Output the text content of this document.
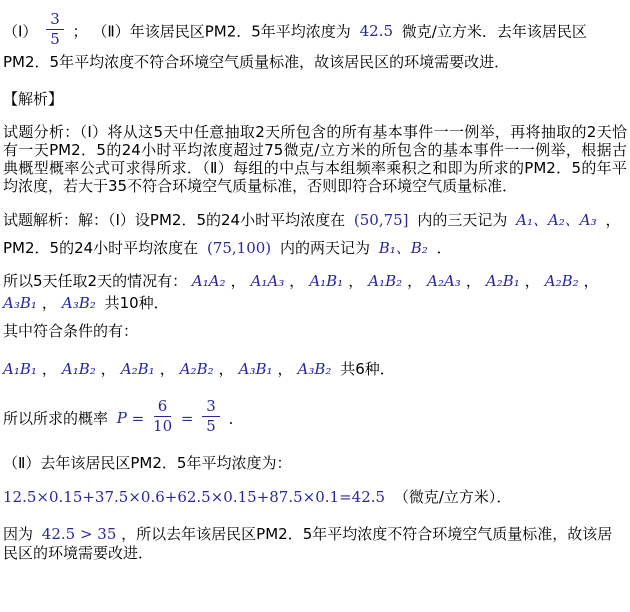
（Ⅰ） $\frac{3}{5}$ ； （Ⅱ）年该居民区PM2．5年平均浓度为 42.5 微克/立方米．去年该居民区PM2．5年平均浓度不符合环境空气质量标准，故该居民区的环境需要改进．

【解析】

试题分析：（Ⅰ）将从这5天中任意抽取2天所包含的所有基本事件一一例举，再将抽取的2天恰有一天PM2．5的24小时平均浓度超过75微克/立方米的所包含的基本事件一一例举，根据古典概型概率公式可求得所求．（Ⅱ）每组的中点与本组频率乘积之和即为所求的PM2．5的年平均浓度，若大于35不符合环境空气质量标准，否则即符合环境空气质量标准．

试题解析：解：（Ⅰ）设PM2．5的24小时平均浓度在 (50,75] 内的三天记为 A₁、A₂、A₃ ，PM2．5的24小时平均浓度在 (75,100) 内的两天记为 B₁、B₂ ．

所以5天任取2天的情况有： A₁A₂ ， A₁A₃ ， A₁B₁ ， A₁B₂ ， A₂A₃ ， A₂B₁ ， A₂B₂ ，A₃B₁ ， A₃B₂ 共10种．

其中符合条件的有：

A₁B₁ ， A₁B₂ ， A₂B₁ ， A₂B₂ ， A₃B₁ ， A₃B₂ 共6种．

所以所求的概率 $P = \frac{6}{10} = \frac{3}{5}$ ．

（Ⅱ）去年该居民区PM2．5年平均浓度为：

12.5×0.15+37.5×0.6+62.5×0.15+87.5×0.1=42.5 （微克/立方米）．

因为 42.5 > 35 ，所以去年该居民区PM2．5年平均浓度不符合环境空气质量标准，故该居民区的环境需要改进．
